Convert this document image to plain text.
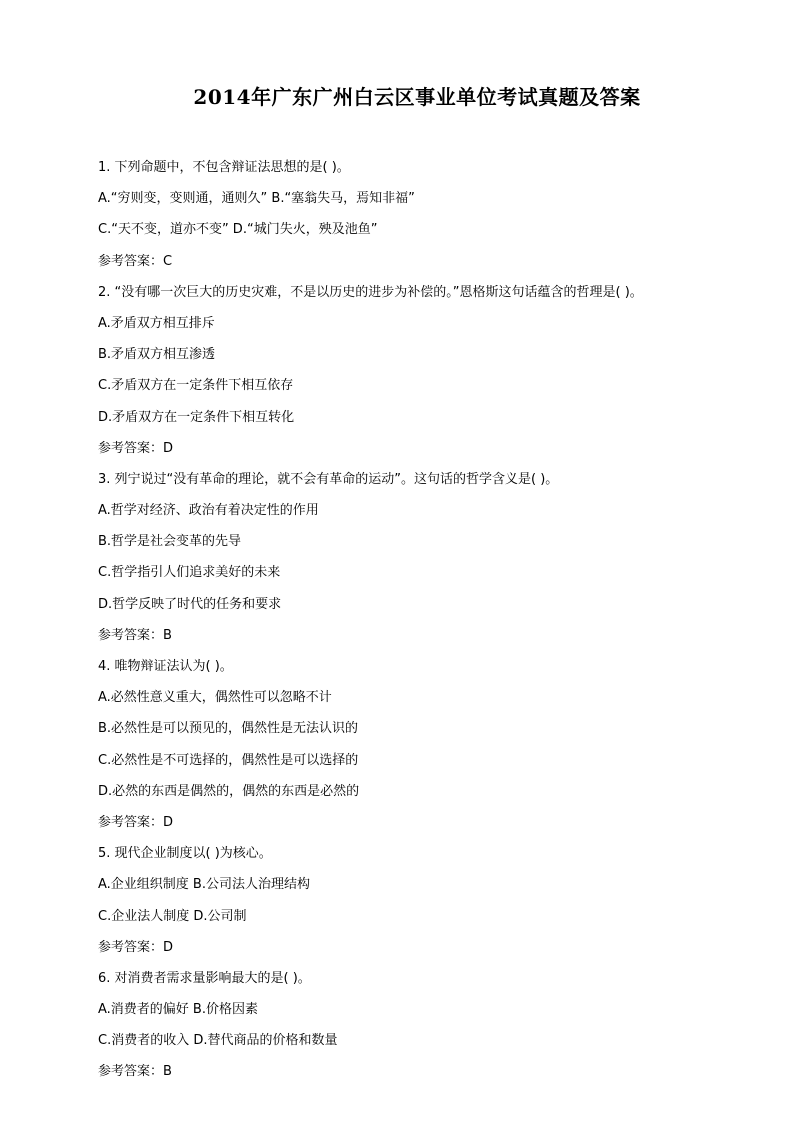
2014年广东广州白云区事业单位考试真题及答案
1. 下列命题中，不包含辩证法思想的是( )。
A.“穷则变，变则通，通则久” B.“塞翁失马，焉知非福”
C.“天不变，道亦不变” D.“城门失火，殃及池鱼”
参考答案：C
2. “没有哪一次巨大的历史灾难，不是以历史的进步为补偿的。”恩格斯这句话蕴含的哲理是( )。
A.矛盾双方相互排斥
B.矛盾双方相互渗透
C.矛盾双方在一定条件下相互依存
D.矛盾双方在一定条件下相互转化
参考答案：D
3. 列宁说过“没有革命的理论，就不会有革命的运动”。这句话的哲学含义是( )。
A.哲学对经济、政治有着决定性的作用
B.哲学是社会变革的先导
C.哲学指引人们追求美好的未来
D.哲学反映了时代的任务和要求
参考答案：B
4. 唯物辩证法认为( )。
A.必然性意义重大，偶然性可以忽略不计
B.必然性是可以预见的，偶然性是无法认识的
C.必然性是不可选择的，偶然性是可以选择的
D.必然的东西是偶然的，偶然的东西是必然的
参考答案：D
5. 现代企业制度以( )为核心。
A.企业组织制度 B.公司法人治理结构
C.企业法人制度 D.公司制
参考答案：D
6. 对消费者需求量影响最大的是( )。
A.消费者的偏好 B.价格因素
C.消费者的收入 D.替代商品的价格和数量
参考答案：B
